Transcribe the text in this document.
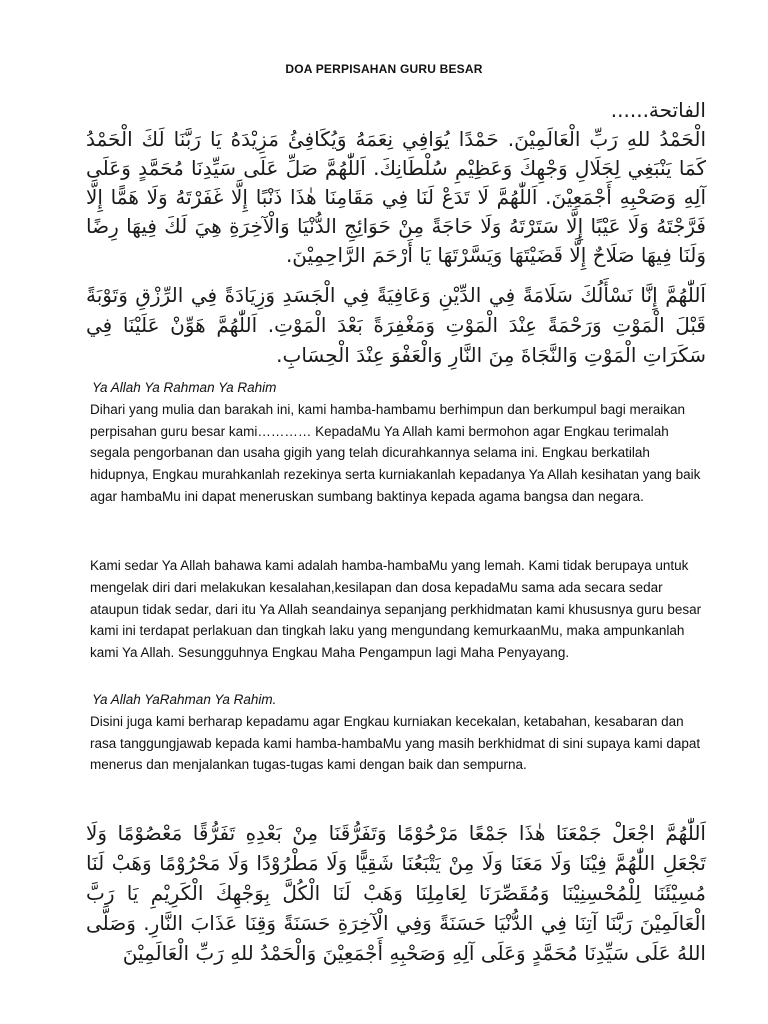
DOA PERPISAHAN GURU BESAR
الفاتحة......

الْحَمْدُ للهِ رَبِّ الْعَالَمِيْنَ. حَمْدًا يُوَافِي نِعَمَهُ وَيُكَافِئُ مَزِيْدَهُ يَا رَبَّنَا لَكَ الْحَمْدُ كَمَا يَنْبَغِي لِجَلَالِ وَجْهِكَ وَعَظِيْمِ سُلْطَانِكَ. اَللّٰهُمَّ صَلِّ عَلَى سَيِّدِنَا مُحَمَّدٍ وَعَلَى آلِهِ وَصَحْبِهِ أَجْمَعِيْنَ. اَللّٰهُمَّ لَا تَدَعْ لَنَا فِي مَقَامِنَا هٰذَا ذَنْبًا إِلَّا غَفَرْتَهُ وَلَا هَمًّا إِلَّا فَرَّجْتَهُ وَلَا عَيْبًا إِلَّا سَتَرْتَهُ وَلَا حَاجَةً مِنْ حَوَائِجِ الدُّنْيَا وَالْآخِرَةِ هِيَ لَكَ فِيهَا رِضًا وَلَنَا فِيهَا صَلَاحٌ إِلَّا قَضَيْتَهَا وَيَسَّرْتَهَا يَا أَرْحَمَ الرَّاحِمِيْنَ.

اَللّٰهُمَّ إِنَّا نَسْأَلُكَ سَلَامَةً فِي الدِّيْنِ وَعَافِيَةً فِي الْجَسَدِ وَزِيَادَةً فِي الرِّزْقِ وَتَوْبَةً قَبْلَ الْمَوْتِ وَرَحْمَةً عِنْدَ الْمَوْتِ وَمَغْفِرَةً بَعْدَ الْمَوْتِ. اَللّٰهُمَّ هَوِّنْ عَلَيْنَا فِي سَكَرَاتِ الْمَوْتِ وَالنَّجَاةَ مِنَ النَّارِ وَالْعَفْوَ عِنْدَ الْحِسَابِ.

Ya Allah Ya Rahman Ya Rahim

Dihari yang mulia dan barakah ini, kami hamba-hambamu berhimpun dan berkumpul bagi meraikan perpisahan guru besar kami………… KepadaMu Ya Allah kami bermohon agar Engkau terimalah segala pengorbanan dan usaha gigih yang telah dicurahkannya selama ini. Engkau berkatilah hidupnya, Engkau murahkanlah rezekinya serta kurniakanlah kepadanya Ya Allah kesihatan yang baik agar hambaMu ini dapat meneruskan sumbang baktinya kepada agama bangsa dan negara.

Kami sedar Ya Allah bahawa kami adalah hamba-hambaMu yang lemah. Kami tidak berupaya untuk mengelak diri dari melakukan kesalahan,kesilapan dan dosa kepadaMu sama ada secara sedar ataupun tidak sedar, dari itu Ya Allah seandainya sepanjang perkhidmatan kami khususnya guru besar kami ini terdapat perlakuan dan tingkah laku yang mengundang kemurkaanMu, maka ampunkanlah kami Ya Allah. Sesungguhnya Engkau Maha Pengampun lagi Maha Penyayang.

Ya Allah YaRahman Ya Rahim.

Disini juga kami berharap kepadamu agar Engkau kurniakan kecekalan, ketabahan, kesabaran dan rasa tanggungjawab kepada kami hamba-hambaMu yang masih berkhidmat di sini supaya kami dapat menerus dan menjalankan tugas-tugas kami dengan baik dan sempurna.

اَللّٰهُمَّ اجْعَلْ جَمْعَنَا هٰذَا جَمْعًا مَرْحُوْمًا وَتَفَرُّقَنَا مِنْ بَعْدِهِ تَفَرُّقًا مَعْصُوْمًا وَلَا تَجْعَلِ اللّٰهُمَّ فِيْنَا وَلَا مَعَنَا وَلَا مِنْ يَتْبَعُنَا شَقِيًّا وَلَا مَطْرُوْدًا وَلَا مَحْرُوْمًا وَهَبْ لَنَا مُسِيْئَنَا لِلْمُحْسِنِيْنَا وَمُقَصِّرَنَا لِعَامِلِنَا وَهَبْ لَنَا الْكُلَّ بِوَجْهِكَ الْكَرِيْمِ يَا رَبَّ الْعَالَمِيْنَ رَبَّنَا آتِنَا فِي الدُّنْيَا حَسَنَةً وَفِي الْآخِرَةِ حَسَنَةً وَقِنَا عَذَابَ النَّارِ. وَصَلَّى اللهُ عَلَى سَيِّدِنَا مُحَمَّدٍ وَعَلَى آلِهِ وَصَحْبِهِ أَجْمَعِيْنَ وَالْحَمْدُ للهِ رَبِّ الْعَالَمِيْنَ
